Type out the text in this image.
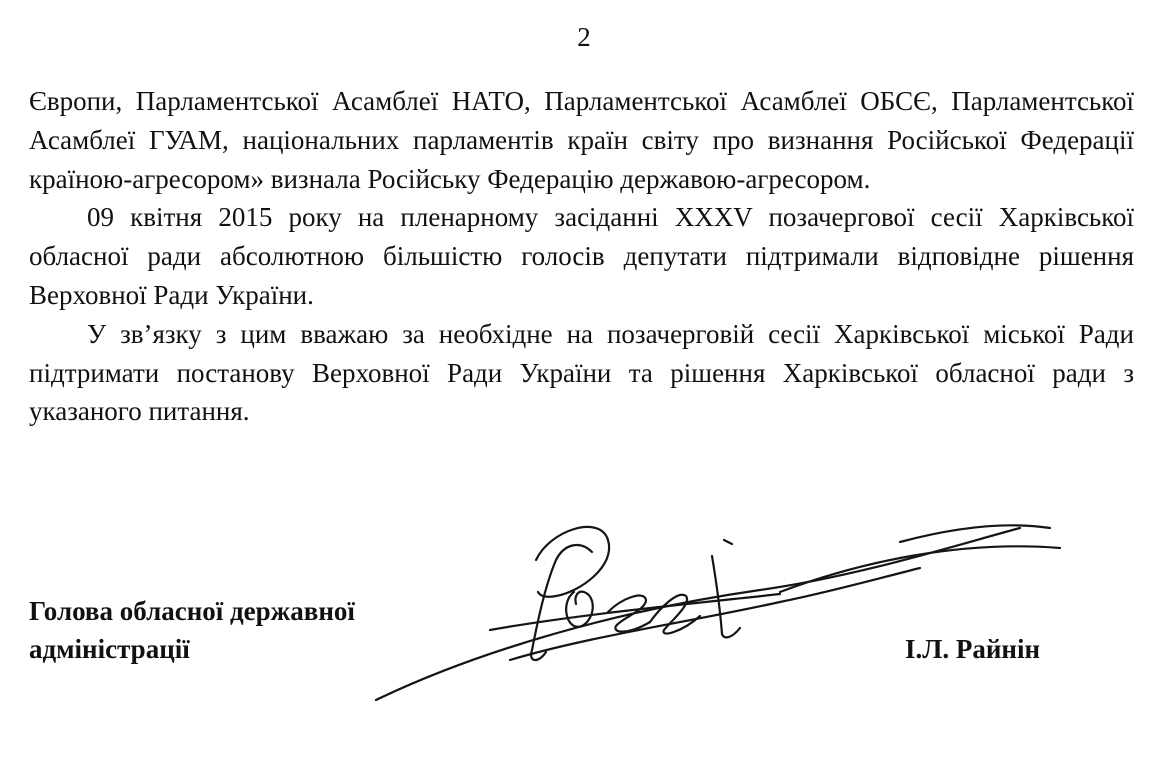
2

Європи, Парламентської Асамблеї НАТО, Парламентської Асамблеї ОБСЄ, Парламентської Асамблеї ГУАМ, національних парламентів країн світу про визнання Російської Федерації країною-агресором» визнала Російську Федерацію державою-агресором.

09 квітня 2015 року на пленарному засіданні XXXV позачергової сесії Харківської обласної ради абсолютною більшістю голосів депутати підтримали відповідне рішення Верховної Ради України.

У зв’язку з цим вважаю за необхідне на позачерговій сесії Харківської міської Ради підтримати постанову Верховної Ради України та рішення Харківської обласної ради з указаного питання.

Голова обласної державної
адміністрації	І.Л. Райнін
